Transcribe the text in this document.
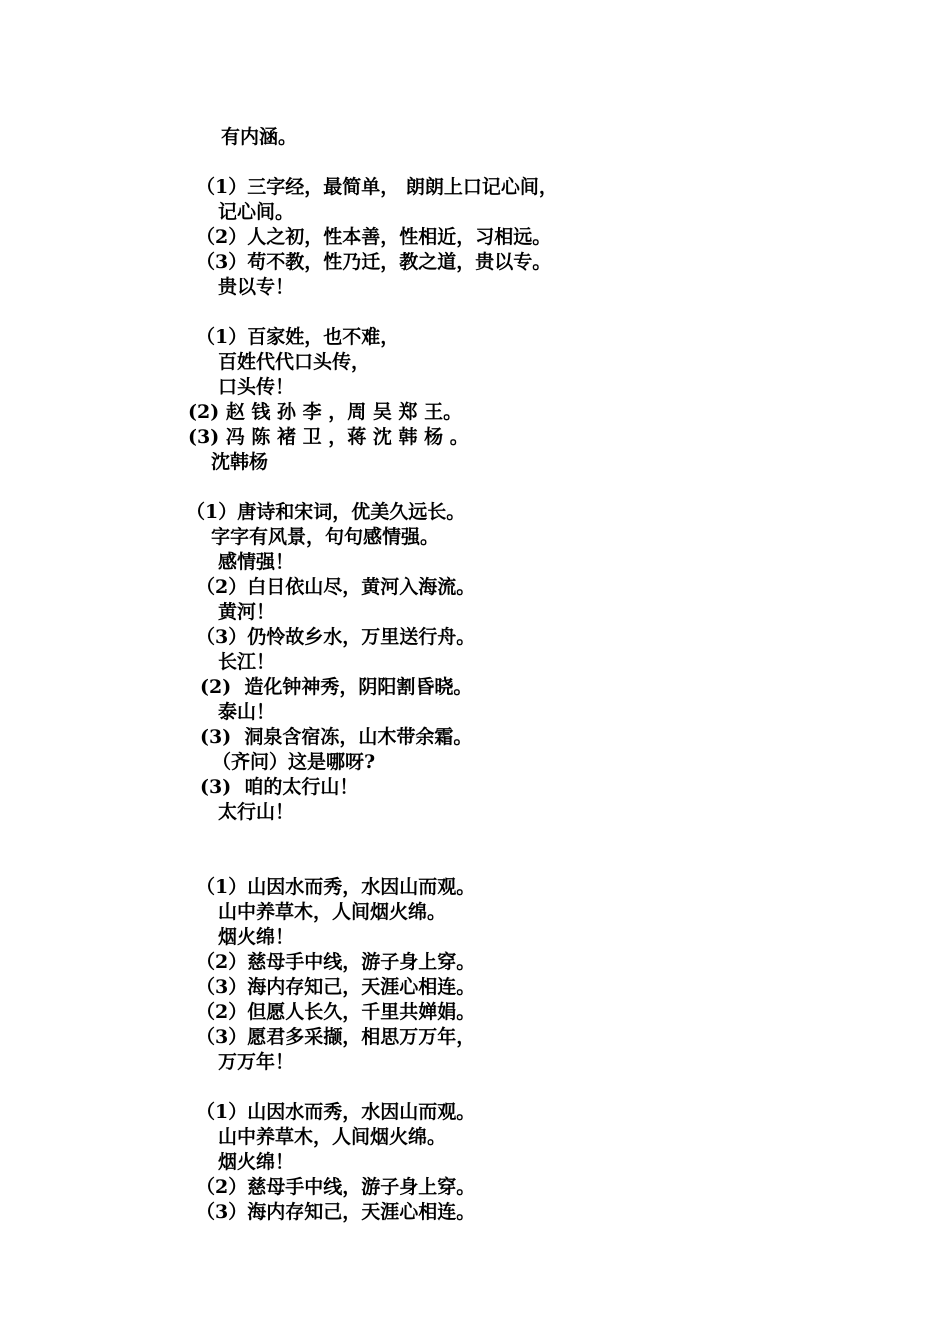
有内涵。
（1）三字经，最简单， 朗朗上口记心间，
记心间。
（2）人之初，性本善，性相近，习相远。
（3）苟不教，性乃迁，教之道，贵以专。
贵以专！
（1）百家姓，也不难，
百姓代代口头传，
口头传！
(2) 赵 钱 孙 李 ，周 吴 郑 王。
(3) 冯 陈 褚 卫 ，蒋 沈 韩 杨 。
沈韩杨
（1）唐诗和宋词，优美久远长。
字字有风景，句句感情强。
感情强！
（2）白日依山尽，黄河入海流。
黄河！
（3）仍怜故乡水，万里送行舟。
长江！
(2)  造化钟神秀，阴阳割昏晓。
泰山！
(3)  洞泉含宿冻，山木带余霜。
（齐问）这是哪呀?
(3)  咱的太行山！
太行山！
（1）山因水而秀，水因山而观。
山中养草木，人间烟火绵。
烟火绵！
（2）慈母手中线，游子身上穿。
（3）海内存知己，天涯心相连。
（2）但愿人长久，千里共婵娟。
（3）愿君多采撷，相思万万年，
万万年！
（1）山因水而秀，水因山而观。
山中养草木，人间烟火绵。
烟火绵！
（2）慈母手中线，游子身上穿。
（3）海内存知己，天涯心相连。
